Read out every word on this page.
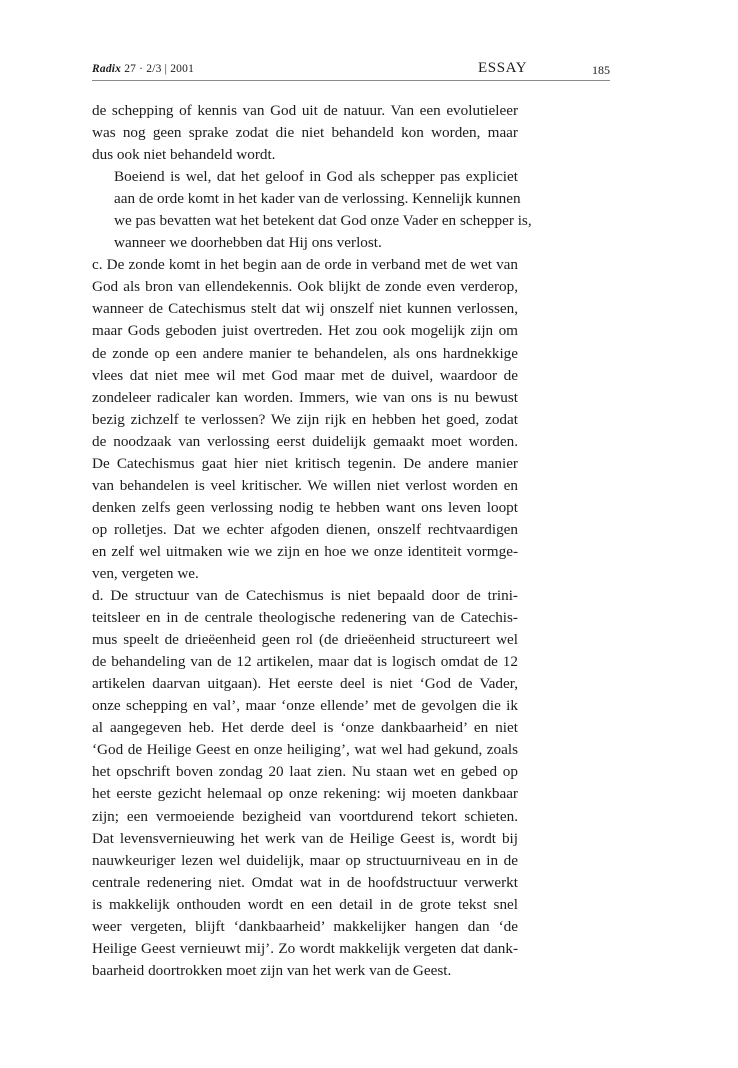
Radix 27 · 2/3 | 2001	ESSAY	185

de schepping of kennis van God uit de natuur. Van een evolutieleer
was nog geen sprake zodat die niet behandeld kon worden, maar
dus ook niet behandeld wordt.

Boeiend is wel, dat het geloof in God als schepper pas expliciet
aan de orde komt in het kader van de verlossing. Kennelijk kunnen
we pas bevatten wat het betekent dat God onze Vader en schepper is,
wanneer we doorhebben dat Hij ons verlost.

c. De zonde komt in het begin aan de orde in verband met de wet van
God als bron van ellendekennis. Ook blijkt de zonde even verderop,
wanneer de Catechismus stelt dat wij onszelf niet kunnen verlossen,
maar Gods geboden juist overtreden. Het zou ook mogelijk zijn om
de zonde op een andere manier te behandelen, als ons hardnekkige
vlees dat niet mee wil met God maar met de duivel, waardoor de
zondeleer radicaler kan worden. Immers, wie van ons is nu bewust
bezig zichzelf te verlossen? We zijn rijk en hebben het goed, zodat
de noodzaak van verlossing eerst duidelijk gemaakt moet worden.
De Catechismus gaat hier niet kritisch tegenin. De andere manier
van behandelen is veel kritischer. We willen niet verlost worden en
denken zelfs geen verlossing nodig te hebben want ons leven loopt
op rolletjes. Dat we echter afgoden dienen, onszelf rechtvaardigen
en zelf wel uitmaken wie we zijn en hoe we onze identiteit vormge-
ven, vergeten we.

d. De structuur van de Catechismus is niet bepaald door de trini-
teitsleer en in de centrale theologische redenering van de Catechis-
mus speelt de drieëenheid geen rol (de drieëenheid structureert wel
de behandeling van de 12 artikelen, maar dat is logisch omdat de 12
artikelen daarvan uitgaan). Het eerste deel is niet ‘God de Vader,
onze schepping en val’, maar ‘onze ellende’ met de gevolgen die ik
al aangegeven heb. Het derde deel is ‘onze dankbaarheid’ en niet
‘God de Heilige Geest en onze heiliging’, wat wel had gekund, zoals
het opschrift boven zondag 20 laat zien. Nu staan wet en gebed op
het eerste gezicht helemaal op onze rekening: wij moeten dankbaar
zijn; een vermoeiende bezigheid van voortdurend tekort schieten.
Dat levensvernieuwing het werk van de Heilige Geest is, wordt bij
nauwkeuriger lezen wel duidelijk, maar op structuurniveau en in de
centrale redenering niet. Omdat wat in de hoofdstructuur verwerkt
is makkelijk onthouden wordt en een detail in de grote tekst snel
weer vergeten, blijft ‘dankbaarheid’ makkelijker hangen dan ‘de
Heilige Geest vernieuwt mij’. Zo wordt makkelijk vergeten dat dank-
baarheid doortrokken moet zijn van het werk van de Geest.
